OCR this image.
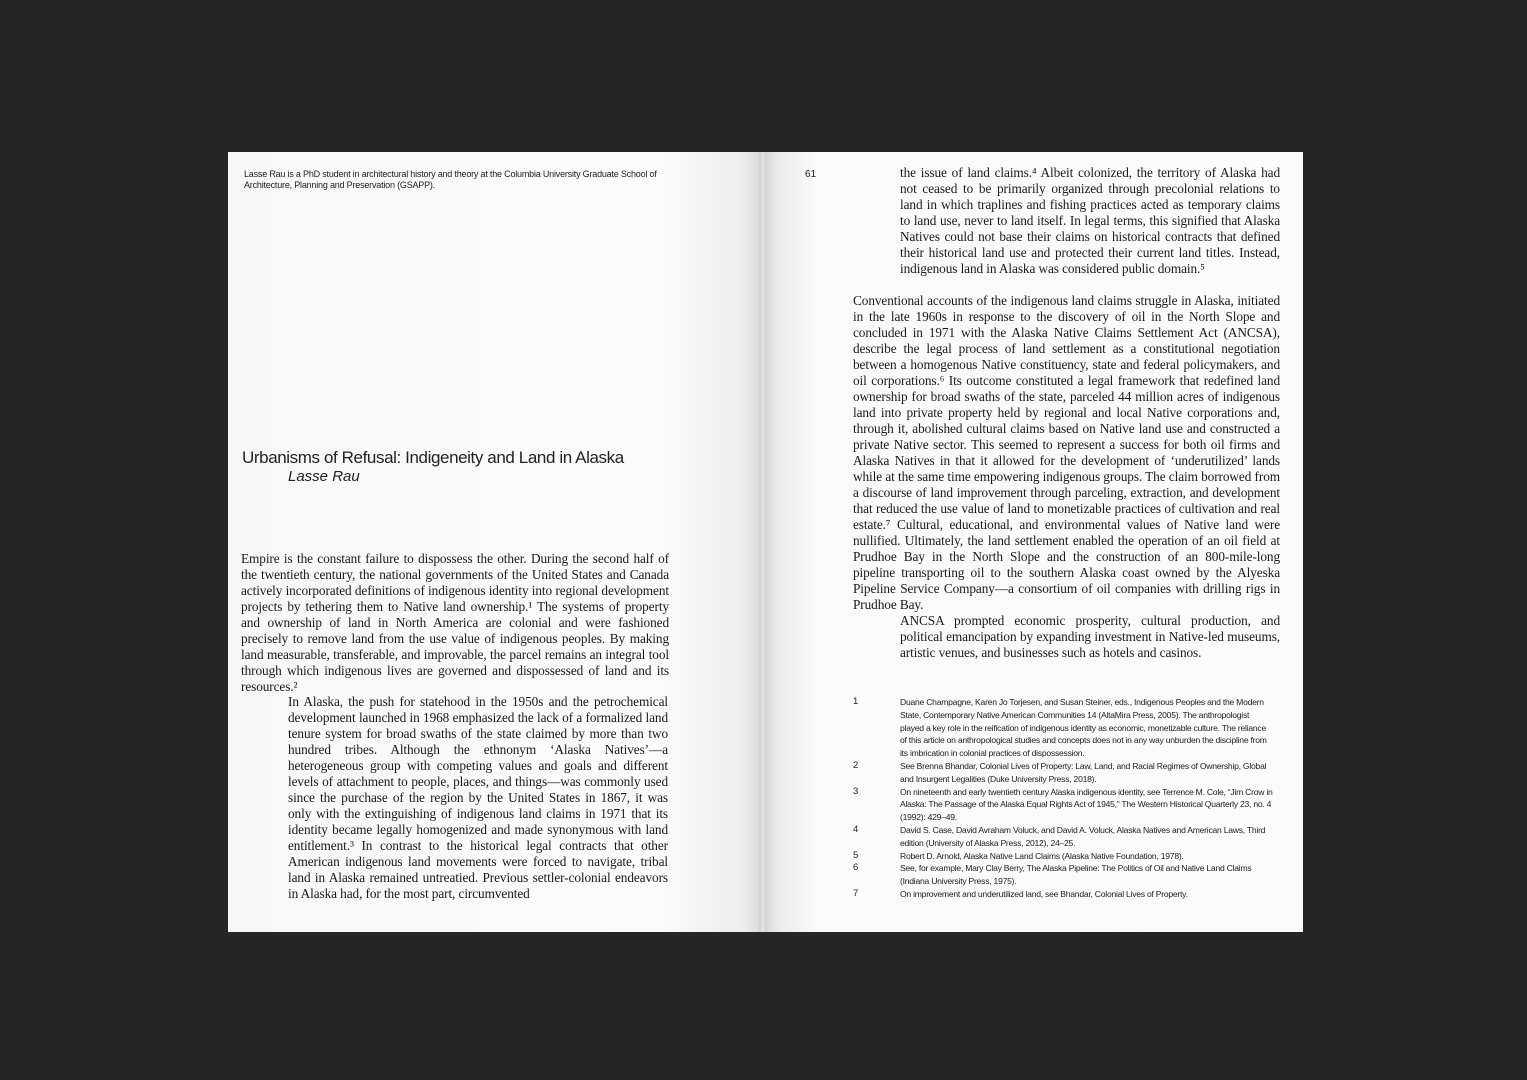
Lasse Rau is a PhD student in architectural history and theory at the Columbia University Graduate School of Architecture, Planning and Preservation (GSAPP).
Urbanisms of Refusal: Indigeneity and Land in Alaska
Lasse Rau
Empire is the constant failure to dispossess the other. During the second half of the twentieth century, the national governments of the United States and Canada actively incorporated definitions of indigenous identity into regional development projects by tethering them to Native land ownership.¹ The systems of property and ownership of land in North America are colonial and were fashioned precisely to remove land from the use value of indigenous peoples. By making land measurable, transferable, and improvable, the parcel remains an integral tool through which indigenous lives are governed and dispossessed of land and its resources.²
In Alaska, the push for statehood in the 1950s and the petrochemical development launched in 1968 emphasized the lack of a formalized land tenure system for broad swaths of the state claimed by more than two hundred tribes. Although the ethnonym ‘Alaska Natives’—a heterogeneous group with competing values and goals and different levels of attachment to people, places, and things—was commonly used since the purchase of the region by the United States in 1867, it was only with the extinguishing of indigenous land claims in 1971 that its identity became legally homogenized and made synonymous with land entitlement.³ In contrast to the historical legal contracts that other American indigenous land movements were forced to navigate, tribal land in Alaska remained untreatied. Previous settler-colonial endeavors in Alaska had, for the most part, circumvented
61	the issue of land claims.⁴ Albeit colonized, the territory of Alaska had not ceased to be primarily organized through precolonial relations to land in which traplines and fishing practices acted as temporary claims to land use, never to land itself. In legal terms, this signified that Alaska Natives could not base their claims on historical contracts that defined their historical land use and protected their current land titles. Instead, indigenous land in Alaska was considered public domain.⁵
Conventional accounts of the indigenous land claims struggle in Alaska, initiated in the late 1960s in response to the discovery of oil in the North Slope and concluded in 1971 with the Alaska Native Claims Settlement Act (ANCSA), describe the legal process of land settlement as a constitutional negotiation between a homogenous Native constituency, state and federal policymakers, and oil corporations.⁶ Its outcome constituted a legal framework that redefined land ownership for broad swaths of the state, parceled 44 million acres of indigenous land into private property held by regional and local Native corporations and, through it, abolished cultural claims based on Native land use and constructed a private Native sector. This seemed to represent a success for both oil firms and Alaska Natives in that it allowed for the development of ‘underutilized’ lands while at the same time empowering indigenous groups. The claim borrowed from a discourse of land improvement through parceling, extraction, and development that reduced the use value of land to monetizable practices of cultivation and real estate.⁷ Cultural, educational, and environmental values of Native land were nullified. Ultimately, the land settlement enabled the operation of an oil field at Prudhoe Bay in the North Slope and the construction of an 800-mile-long pipeline transporting oil to the southern Alaska coast owned by the Alyeska Pipeline Service Company—a consortium of oil companies with drilling rigs in Prudhoe Bay.
ANCSA prompted economic prosperity, cultural production, and political emancipation by expanding investment in Native-led museums, artistic venues, and businesses such as hotels and casinos.
1	Duane Champagne, Karen Jo Torjesen, and Susan Steiner, eds., Indigenous Peoples and the Modern State, Contemporary Native American Communities 14 (AltaMira Press, 2005). The anthropologist played a key role in the reification of indigenous identity as economic, monetizable culture. The reliance of this article on anthropological studies and concepts does not in any way unburden the discipline from its imbrication in colonial practices of dispossession.
2	See Brenna Bhandar, Colonial Lives of Property: Law, Land, and Racial Regimes of Ownership, Global and Insurgent Legalities (Duke University Press, 2018).
3	On nineteenth and early twentieth century Alaska indigenous identity, see Terrence M. Cole, “Jim Crow in Alaska: The Passage of the Alaska Equal Rights Act of 1945,” The Western Historical Quarterly 23, no. 4 (1992): 429–49.
4	David S. Case, David Avraham Voluck, and David A. Voluck, Alaska Natives and American Laws, Third edition (University of Alaska Press, 2012), 24–25.
5	Robert D. Arnold, Alaska Native Land Claims (Alaska Native Foundation, 1978).
6	See, for example, Mary Clay Berry, The Alaska Pipeline: The Politics of Oil and Native Land Claims (Indiana University Press, 1975).
7	On improvement and underutilized land, see Bhandar, Colonial Lives of Property.
